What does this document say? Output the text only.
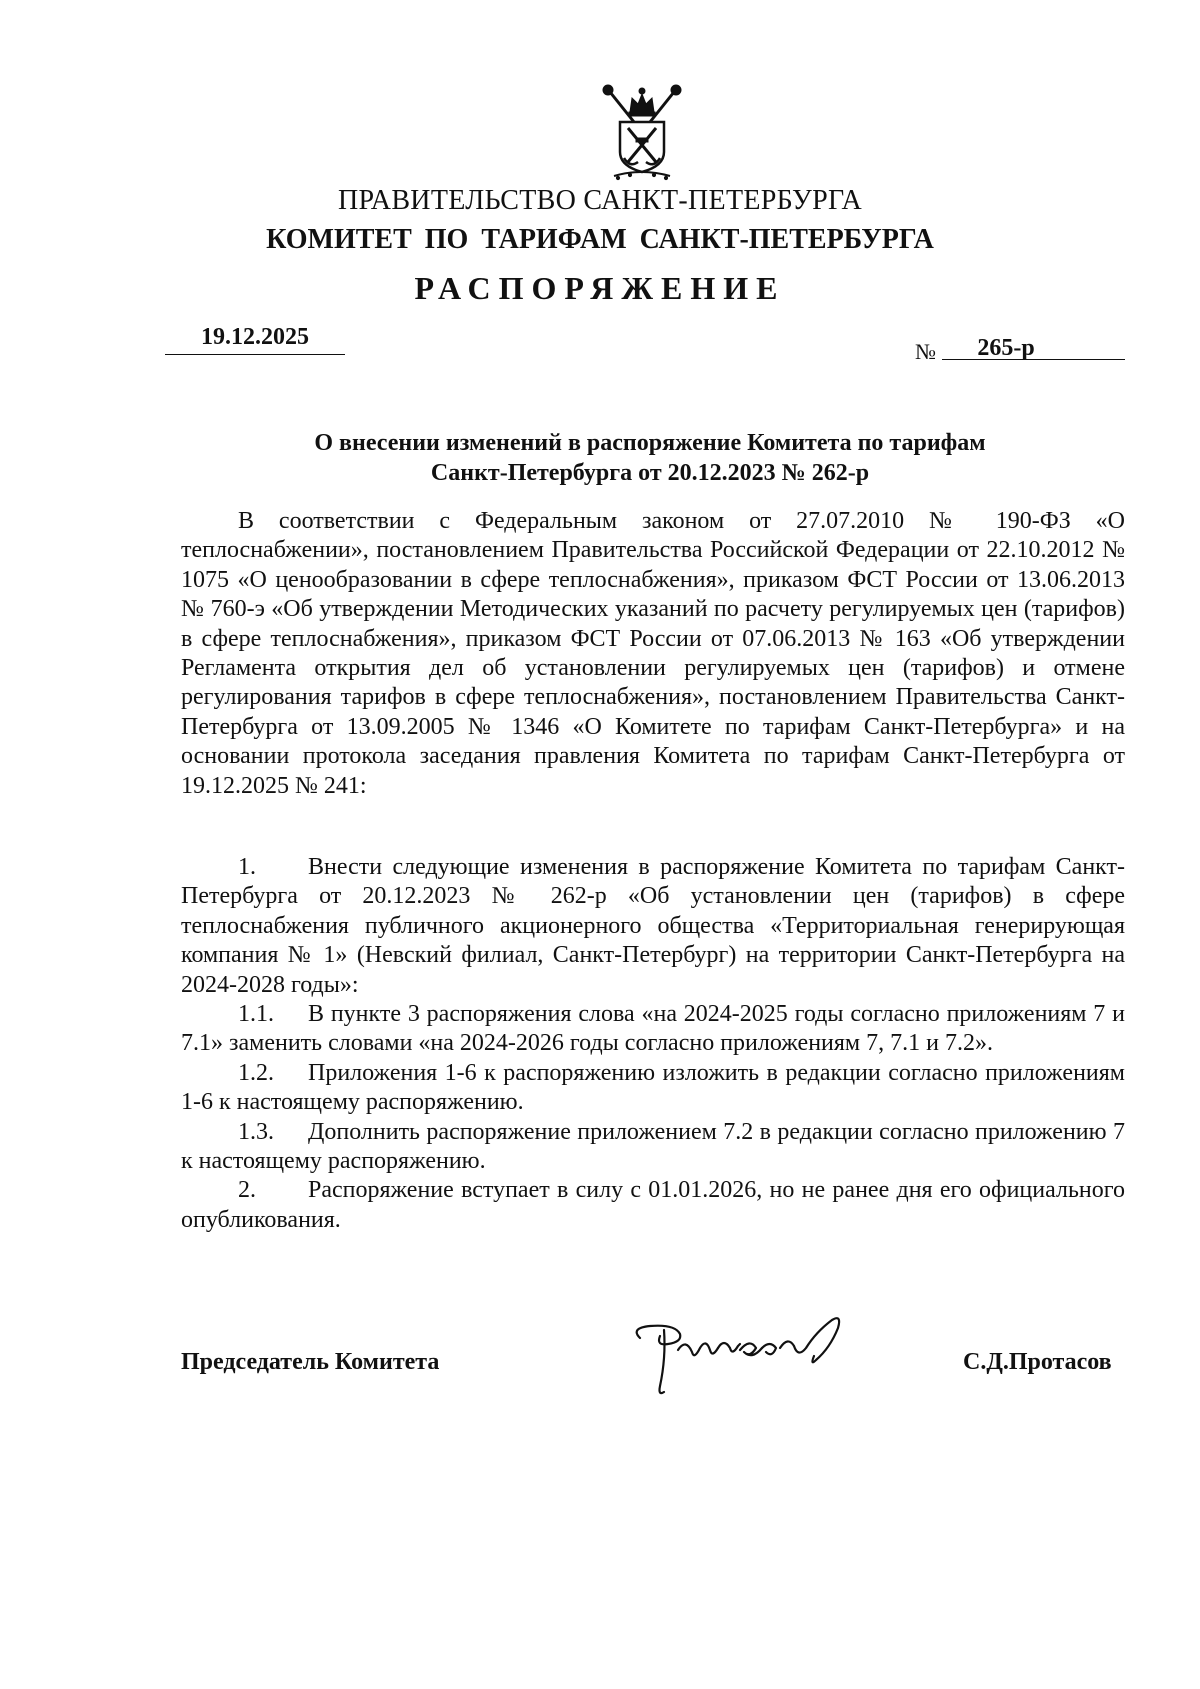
ПРАВИТЕЛЬСТВО САНКТ-ПЕТЕРБУРГА
КОМИТЕТ ПО ТАРИФАМ САНКТ-ПЕТЕРБУРГА
РАСПОРЯЖЕНИЕ
19.12.2025
№	265-р
О внесении изменений в распоряжение Комитета по тарифам
Санкт-Петербурга от 20.12.2023 № 262-р
В соответствии с Федеральным законом от 27.07.2010 № 190-ФЗ «О теплоснабжении», постановлением Правительства Российской Федерации от 22.10.2012 № 1075 «О ценообразовании в сфере теплоснабжения», приказом ФСТ России от 13.06.2013 № 760-э «Об утверждении Методических указаний по расчету регулируемых цен (тарифов) в сфере теплоснабжения», приказом ФСТ России от 07.06.2013 № 163 «Об утверждении Регламента открытия дел об установлении регулируемых цен (тарифов) и отмене регулирования тарифов в сфере теплоснабжения», постановлением Правительства Санкт-Петербурга от 13.09.2005 № 1346 «О Комитете по тарифам Санкт-Петербурга» и на основании протокола заседания правления Комитета по тарифам Санкт-Петербурга от 19.12.2025 № 241:

1. Внести следующие изменения в распоряжение Комитета по тарифам Санкт-Петербурга от 20.12.2023 № 262-р «Об установлении цен (тарифов) в сфере теплоснабжения публичного акционерного общества «Территориальная генерирующая компания № 1» (Невский филиал, Санкт-Петербург) на территории Санкт-Петербурга на 2024-2028 годы»:

1.1. В пункте 3 распоряжения слова «на 2024-2025 годы согласно приложениям 7 и 7.1» заменить словами «на 2024-2026 годы согласно приложениям 7, 7.1 и 7.2».

1.2. Приложения 1-6 к распоряжению изложить в редакции согласно приложениям 1-6 к настоящему распоряжению.

1.3. Дополнить распоряжение приложением 7.2 в редакции согласно приложению 7 к настоящему распоряжению.

2. Распоряжение вступает в силу с 01.01.2026, но не ранее дня его официального опубликования.

Председатель Комитета	С.Д.Протасов
